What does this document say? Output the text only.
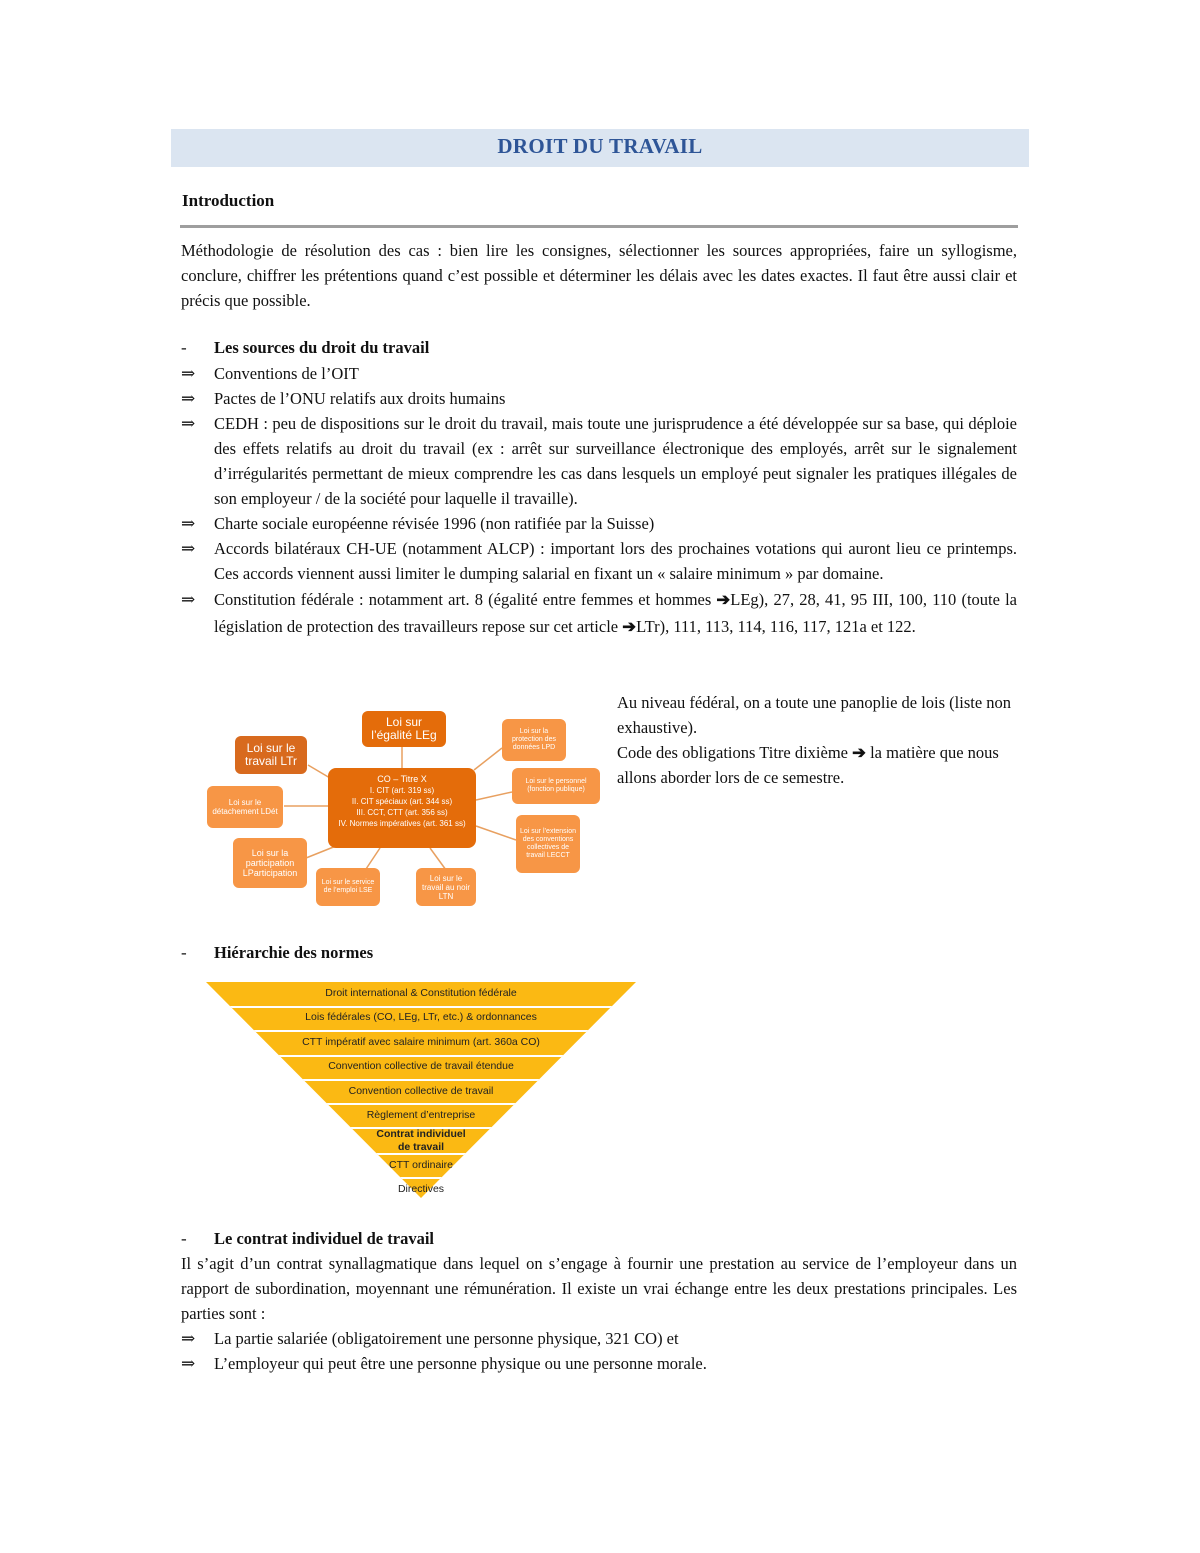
DROIT DU TRAVAIL
Introduction
Méthodologie de résolution des cas : bien lire les consignes, sélectionner les sources appropriées, faire un syllogisme, conclure, chiffrer les prétentions quand c’est possible et déterminer les délais avec les dates exactes. Il faut être aussi clair et précis que possible.
-	Les sources du droit du travail
⇒	Conventions de l’OIT
⇒	Pactes de l’ONU relatifs aux droits humains
⇒	CEDH : peu de dispositions sur le droit du travail, mais toute une jurisprudence a été développée sur sa base, qui déploie des effets relatifs au droit du travail (ex : arrêt sur surveillance électronique des employés, arrêt sur le signalement d’irrégularités permettant de mieux comprendre les cas dans lesquels un employé peut signaler les pratiques illégales de son employeur / de la société pour laquelle il travaille).
⇒	Charte sociale européenne révisée 1996 (non ratifiée par la Suisse)
⇒	Accords bilatéraux CH-UE (notamment ALCP) : important lors des prochaines votations qui auront lieu ce printemps. Ces accords viennent aussi limiter le dumping salarial en fixant un « salaire minimum » par domaine.
⇒	Constitution fédérale : notamment art. 8 (égalité entre femmes et hommes ➔LEg), 27, 28, 41, 95 III, 100, 110 (toute la législation de protection des travailleurs repose sur cet article ➔LTr), 111, 113, 114, 116, 117, 121a et 122.
Au niveau fédéral, on a toute une panoplie de lois (liste non exhaustive).
Code des obligations Titre dixième ➔ la matière que nous allons aborder lors de ce semestre.
CO – Titre X
I. CIT (art. 319 ss)
II. CIT spéciaux (art. 344 ss)
III. CCT, CTT (art. 356 ss)
IV. Normes impératives (art. 361 ss)
Loi sur l’égalité LEg
Loi sur le travail LTr
Loi sur la protection des données LPD
Loi sur le personnel (fonction publique)
Loi sur le détachement LDét
Loi sur l’extension des conventions collectives de travail LECCT
Loi sur la participation LParticipation
Loi sur le service de l’emploi LSE
Loi sur le travail au noir LTN
-	Hiérarchie des normes
Droit international & Constitution fédérale
Lois fédérales (CO, LEg, LTr, etc.) & ordonnances
CTT impératif avec salaire minimum (art. 360a CO)
Convention collective de travail étendue
Convention collective de travail
Règlement d’entreprise
Contrat individuel de travail
CTT ordinaire
Directives
-	Le contrat individuel de travail
Il s’agit d’un contrat synallagmatique dans lequel on s’engage à fournir une prestation au service de l’employeur dans un rapport de subordination, moyennant une rémunération. Il existe un vrai échange entre les deux prestations principales. Les parties sont :
⇒	La partie salariée (obligatoirement une personne physique, 321 CO) et
⇒	L’employeur qui peut être une personne physique ou une personne morale.
